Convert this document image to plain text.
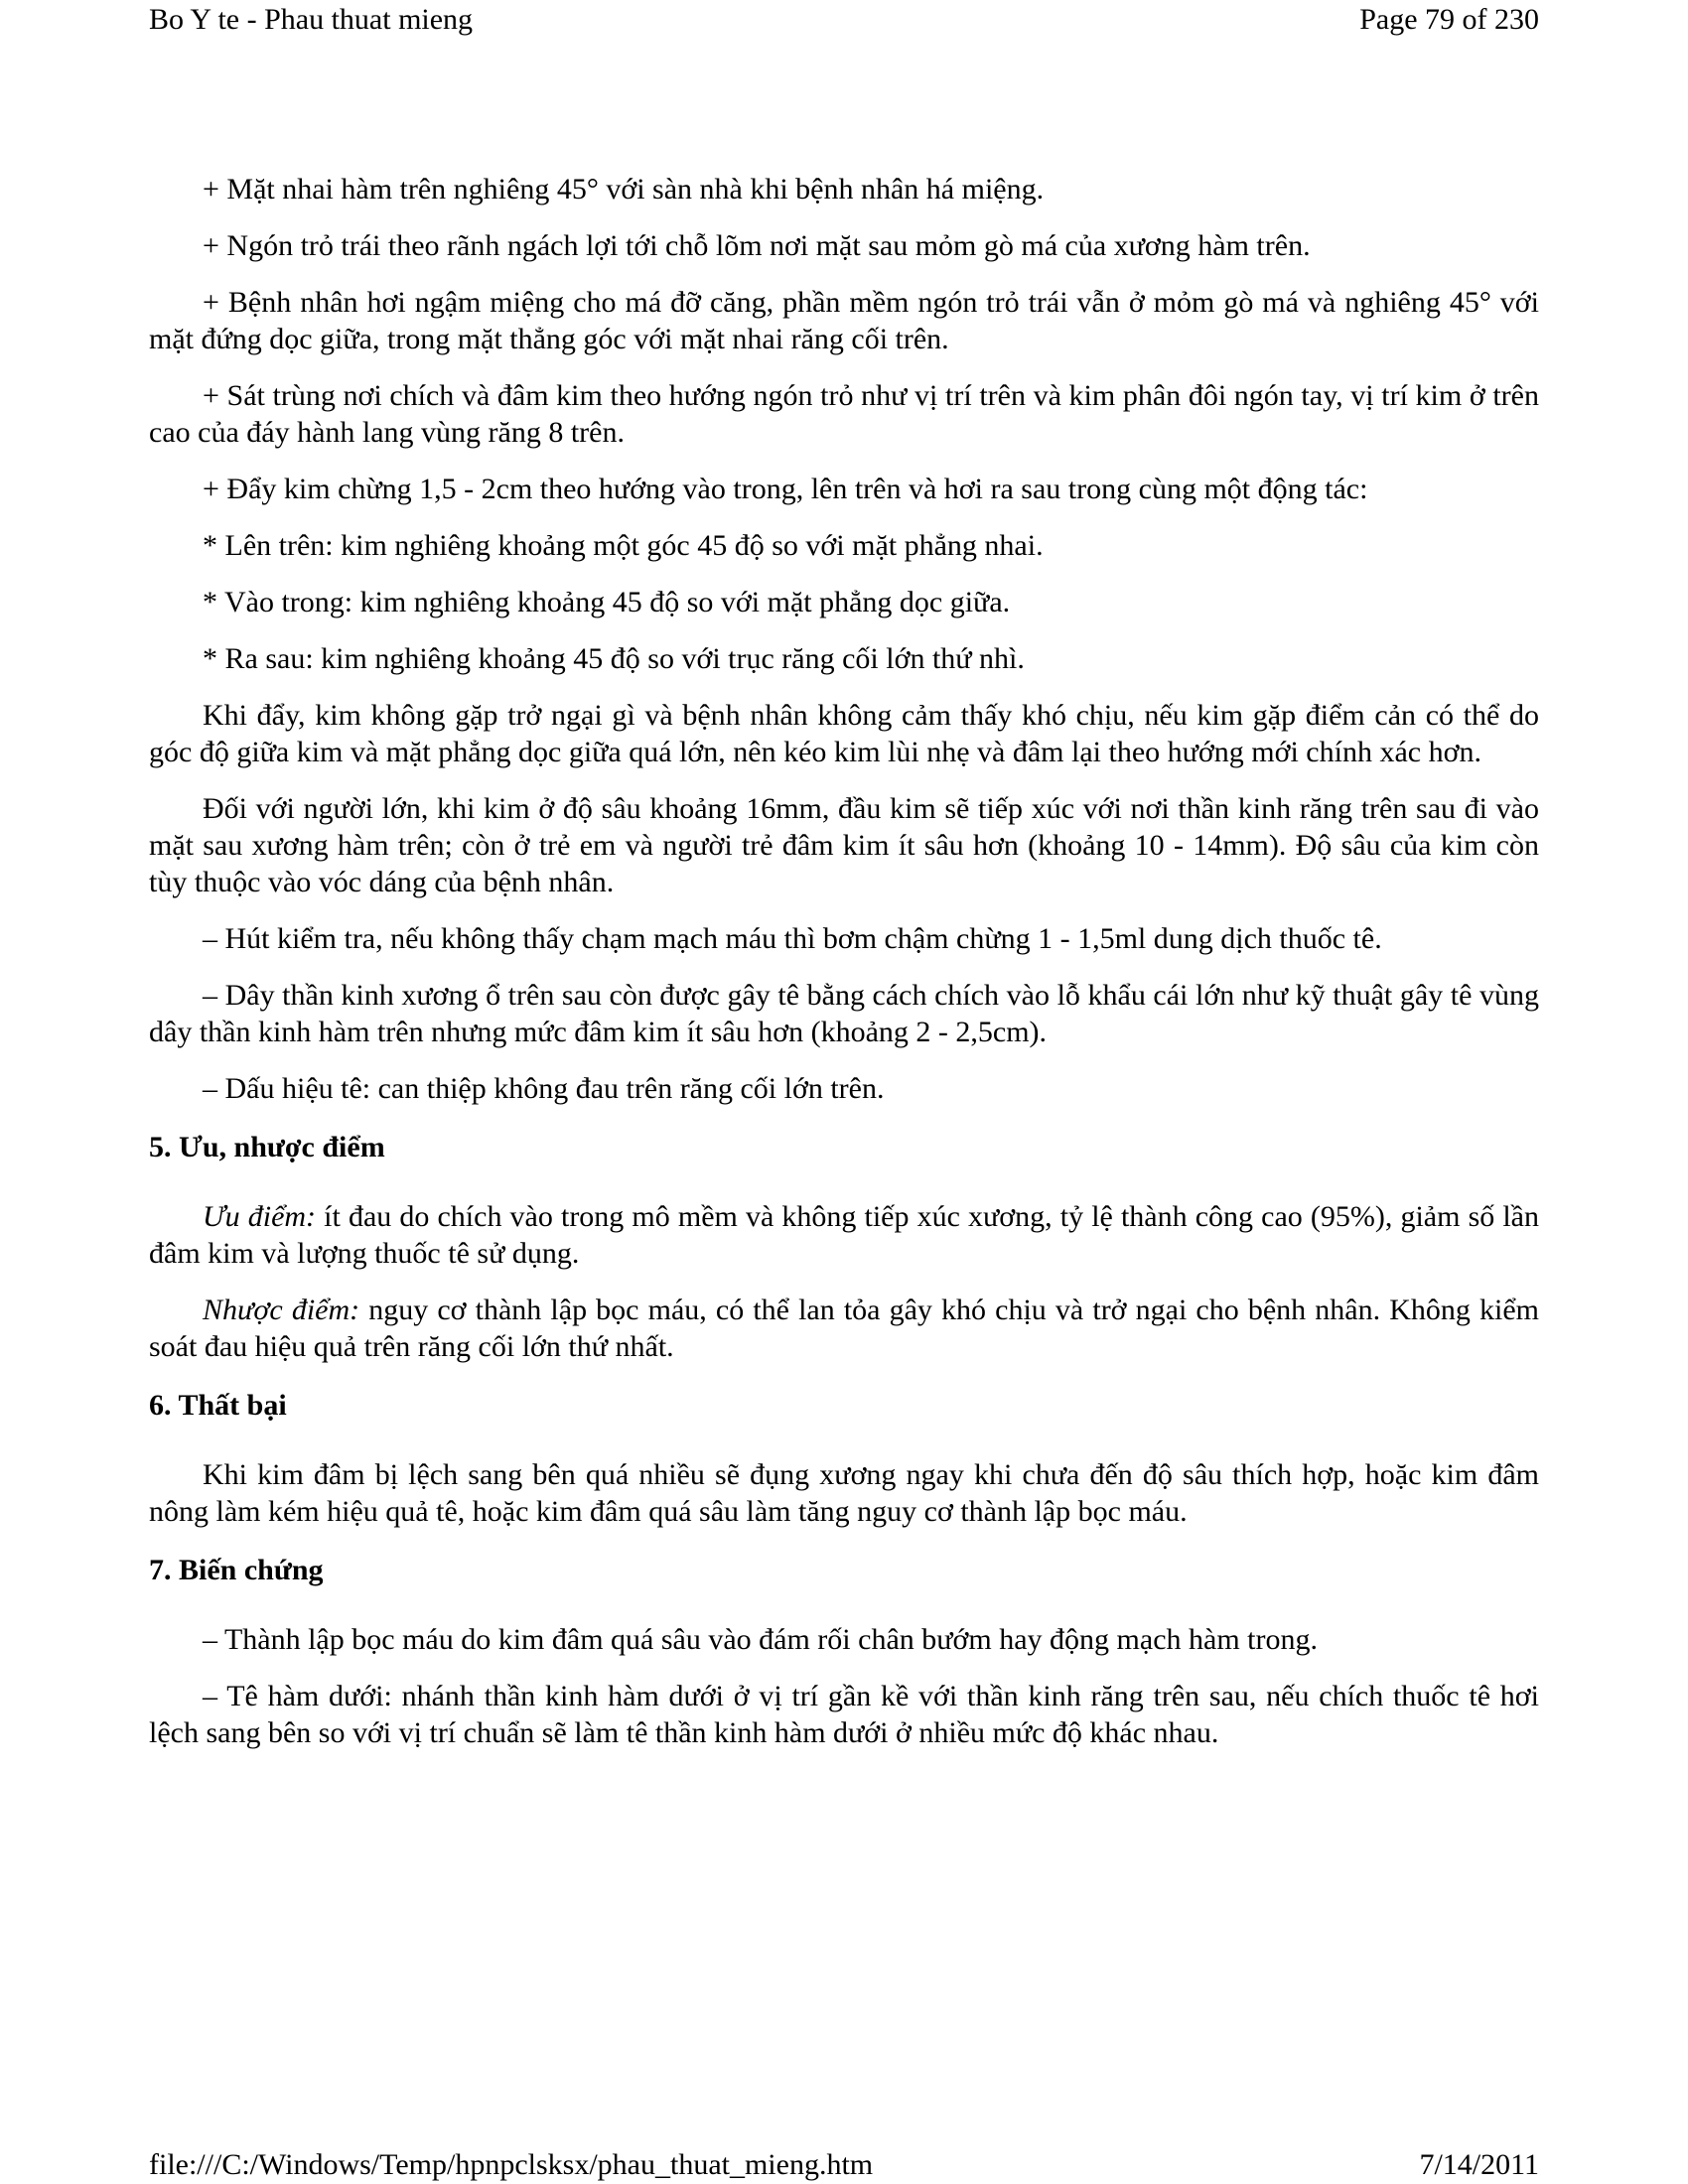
Bo Y te - Phau thuat mieng	Page 79 of 230

+ Mặt nhai hàm trên nghiêng 45° với sàn nhà khi bệnh nhân há miệng.

+ Ngón trỏ trái theo rãnh ngách lợi tới chỗ lõm nơi mặt sau mỏm gò má của xương hàm trên.

+ Bệnh nhân hơi ngậm miệng cho má đỡ căng, phần mềm ngón trỏ trái vẫn ở mỏm gò má và nghiêng 45° với mặt đứng dọc giữa, trong mặt thẳng góc với mặt nhai răng cối trên.

+ Sát trùng nơi chích và đâm kim theo hướng ngón trỏ như vị trí trên và kim phân đôi ngón tay, vị trí kim ở trên cao của đáy hành lang vùng răng 8 trên.

+ Đẩy kim chừng 1,5 - 2cm theo hướng vào trong, lên trên và hơi ra sau trong cùng một động tác:

* Lên trên: kim nghiêng khoảng một góc 45 độ so với mặt phẳng nhai.

* Vào trong: kim nghiêng khoảng 45 độ so với mặt phẳng dọc giữa.

* Ra sau: kim nghiêng khoảng 45 độ so với trục răng cối lớn thứ nhì.

Khi đẩy, kim không gặp trở ngại gì và bệnh nhân không cảm thấy khó chịu, nếu kim gặp điểm cản có thể do góc độ giữa kim và mặt phẳng dọc giữa quá lớn, nên kéo kim lùi nhẹ và đâm lại theo hướng mới chính xác hơn.

Đối với người lớn, khi kim ở độ sâu khoảng 16mm, đầu kim sẽ tiếp xúc với nơi thần kinh răng trên sau đi vào mặt sau xương hàm trên; còn ở trẻ em và người trẻ đâm kim ít sâu hơn (khoảng 10 - 14mm). Độ sâu của kim còn tùy thuộc vào vóc dáng của bệnh nhân.

– Hút kiểm tra, nếu không thấy chạm mạch máu thì bơm chậm chừng 1 - 1,5ml dung dịch thuốc tê.

– Dây thần kinh xương ổ trên sau còn được gây tê bằng cách chích vào lỗ khẩu cái lớn như kỹ thuật gây tê vùng dây thần kinh hàm trên nhưng mức đâm kim ít sâu hơn (khoảng 2 - 2,5cm).

– Dấu hiệu tê: can thiệp không đau trên răng cối lớn trên.

5. Ưu, nhược điểm

Ưu điểm: ít đau do chích vào trong mô mềm và không tiếp xúc xương, tỷ lệ thành công cao (95%), giảm số lần đâm kim và lượng thuốc tê sử dụng.

Nhược điểm: nguy cơ thành lập bọc máu, có thể lan tỏa gây khó chịu và trở ngại cho bệnh nhân. Không kiểm soát đau hiệu quả trên răng cối lớn thứ nhất.

6. Thất bại

Khi kim đâm bị lệch sang bên quá nhiều sẽ đụng xương ngay khi chưa đến độ sâu thích hợp, hoặc kim đâm nông làm kém hiệu quả tê, hoặc kim đâm quá sâu làm tăng nguy cơ thành lập bọc máu.

7. Biến chứng

– Thành lập bọc máu do kim đâm quá sâu vào đám rối chân bướm hay động mạch hàm trong.

– Tê hàm dưới: nhánh thần kinh hàm dưới ở vị trí gần kề với thần kinh răng trên sau, nếu chích thuốc tê hơi lệch sang bên so với vị trí chuẩn sẽ làm tê thần kinh hàm dưới ở nhiều mức độ khác nhau.

file:///C:/Windows/Temp/hpnpclsksx/phau_thuat_mieng.htm	7/14/2011
